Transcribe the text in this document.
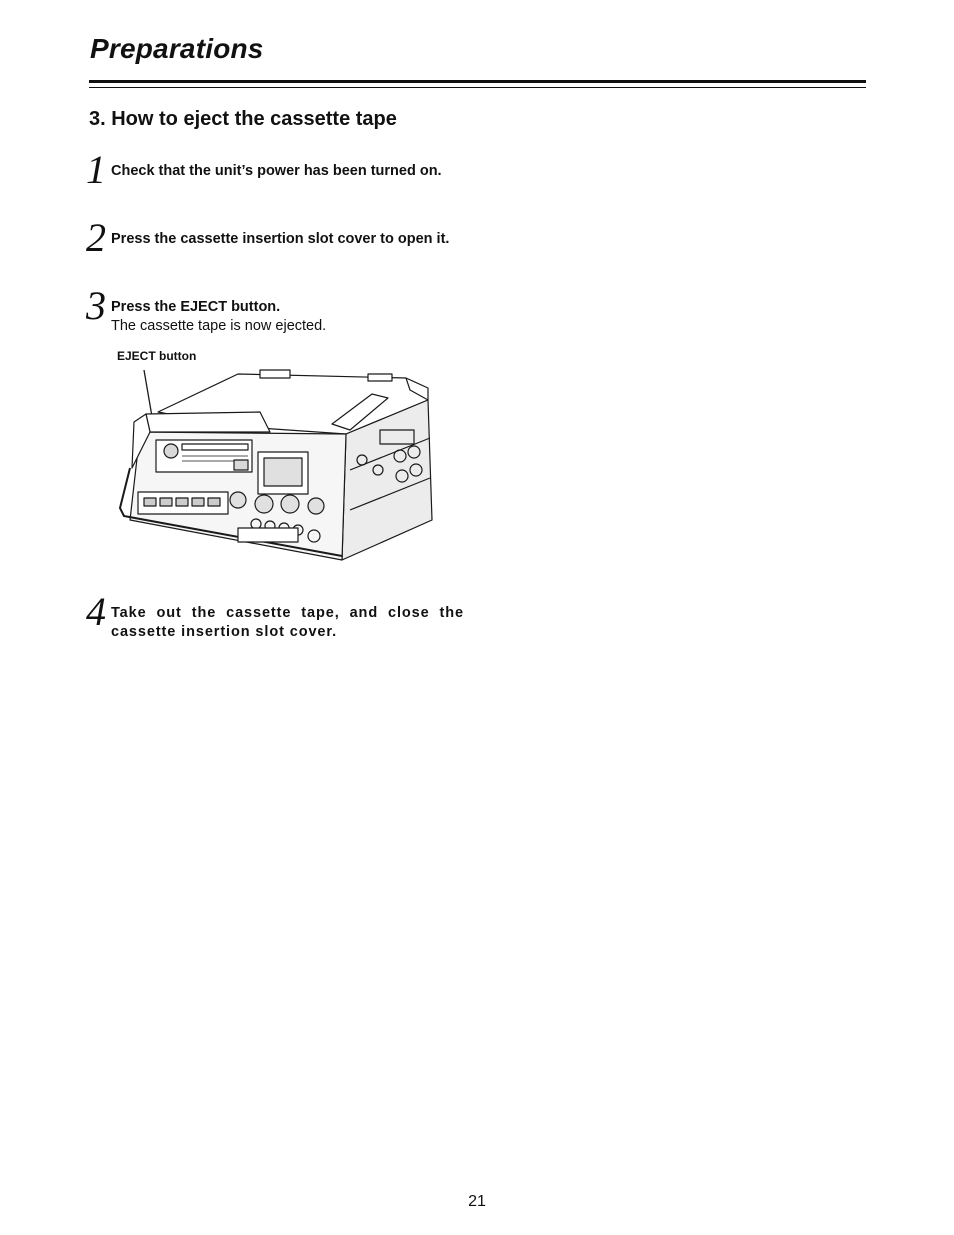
Preparations
3. How to eject the cassette tape
1 Check that the unit’s power has been turned on.
2 Press the cassette insertion slot cover to open it.
3 Press the EJECT button.
The cassette tape is now ejected.
EJECT button
4 Take out the cassette tape, and close the cassette insertion slot cover.
21
